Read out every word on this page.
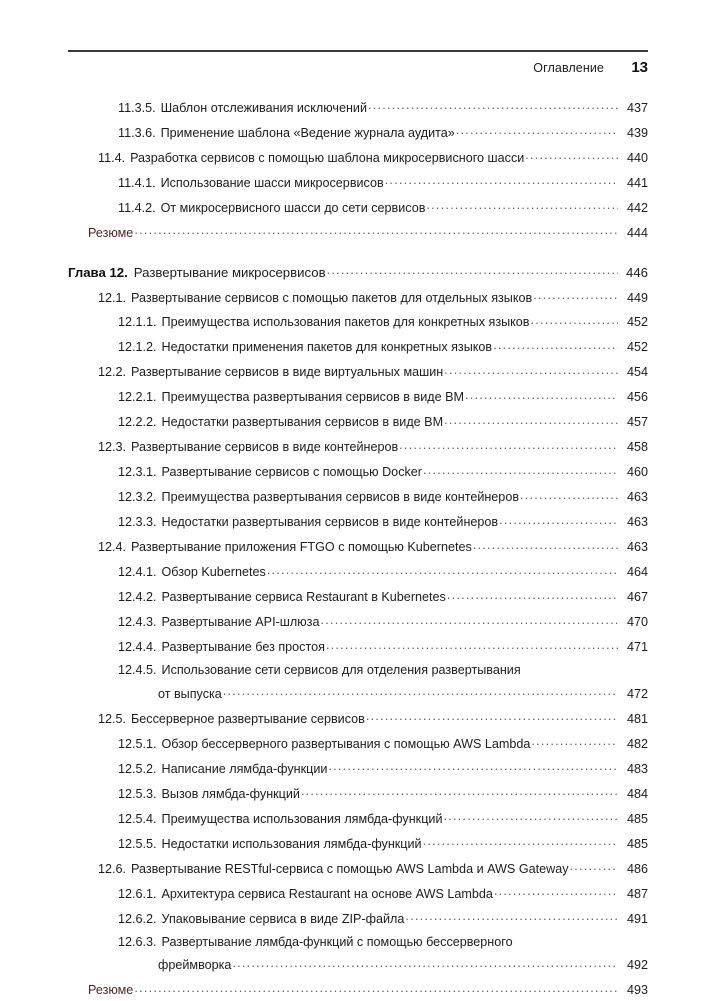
Оглавление 13
11.3.5. Шаблон отслеживания исключений .....	437
11.3.6. Применение шаблона «Ведение журнала аудита» .....	439
11.4. Разработка сервисов с помощью шаблона микросервисного шасси .....	440
11.4.1. Использование шасси микросервисов .....	441
11.4.2. От микросервисного шасси до сети сервисов .....	442
Резюме .....	444
Глава 12. Развертывание микросервисов .....	446
12.1. Развертывание сервисов с помощью пакетов для отдельных языков .....	449
12.1.1. Преимущества использования пакетов для конкретных языков .....	452
12.1.2. Недостатки применения пакетов для конкретных языков .....	452
12.2. Развертывание сервисов в виде виртуальных машин .....	454
12.2.1. Преимущества развертывания сервисов в виде ВМ .....	456
12.2.2. Недостатки развертывания сервисов в виде ВМ .....	457
12.3. Развертывание сервисов в виде контейнеров .....	458
12.3.1. Развертывание сервисов с помощью Docker .....	460
12.3.2. Преимущества развертывания сервисов в виде контейнеров .....	463
12.3.3. Недостатки развертывания сервисов в виде контейнеров .....	463
12.4. Развертывание приложения FTGO с помощью Kubernetes .....	463
12.4.1. Обзор Kubernetes .....	464
12.4.2. Развертывание сервиса Restaurant в Kubernetes .....	467
12.4.3. Развертывание API-шлюза .....	470
12.4.4. Развертывание без простоя .....	471
12.4.5. Использование сети сервисов для отделения развертывания
от выпуска .....	472
12.5. Бессерверное развертывание сервисов .....	481
12.5.1. Обзор бессерверного развертывания с помощью AWS Lambda .....	482
12.5.2. Написание лямбда-функции .....	483
12.5.3. Вызов лямбда-функций .....	484
12.5.4. Преимущества использования лямбда-функций .....	485
12.5.5. Недостатки использования лямбда-функций .....	485
12.6. Развертывание RESTful-сервиса с помощью AWS Lambda и AWS Gateway .....	486
12.6.1. Архитектура сервиса Restaurant на основе AWS Lambda .....	487
12.6.2. Упаковывание сервиса в виде ZIP-файла .....	491
12.6.3. Развертывание лямбда-функций с помощью бессерверного
фреймворка .....	492
Резюме .....	493
